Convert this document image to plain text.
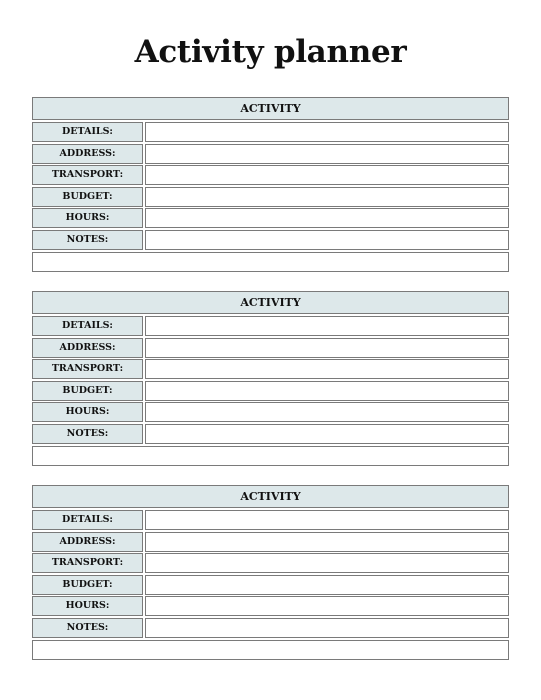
Activity planner
ACTIVITY
DETAILS:
ADDRESS:
TRANSPORT:
BUDGET:
HOURS:
NOTES:
ACTIVITY
DETAILS:
ADDRESS:
TRANSPORT:
BUDGET:
HOURS:
NOTES:
ACTIVITY
DETAILS:
ADDRESS:
TRANSPORT:
BUDGET:
HOURS:
NOTES:
